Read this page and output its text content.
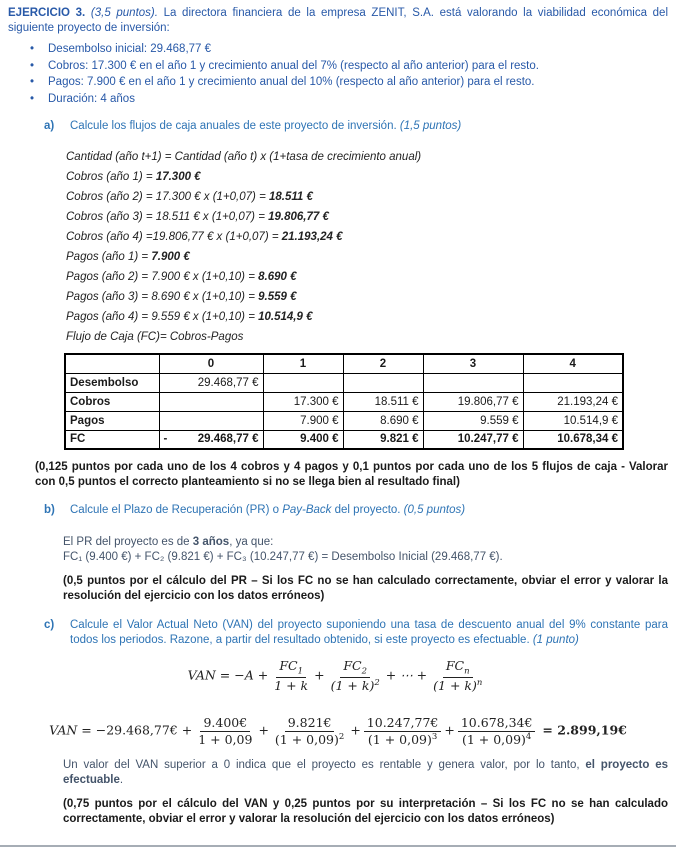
EJERCICIO 3. (3,5 puntos). La directora financiera de la empresa ZENIT, S.A. está valorando la viabilidad económica del siguiente proyecto de inversión:

• Desembolso inicial: 29.468,77 €
• Cobros: 17.300 € en el año 1 y crecimiento anual del 7% (respecto al año anterior) para el resto.
• Pagos: 7.900 € en el año 1 y crecimiento anual del 10% (respecto al año anterior) para el resto.
• Duración: 4 años
a)	Calcule los flujos de caja anuales de este proyecto de inversión. (1,5 puntos)
Cantidad (año t+1) = Cantidad (año t) x (1+tasa de crecimiento anual)
Cobros (año 1) = 17.300 €
Cobros (año 2) = 17.300 € x (1+0,07) = 18.511 €
Cobros (año 3) = 18.511 € x (1+0,07) = 19.806,77 €
Cobros (año 4) =19.806,77 € x (1+0,07) = 21.193,24 €
Pagos (año 1) = 7.900 €
Pagos (año 2) = 7.900 € x (1+0,10) = 8.690 €
Pagos (año 3) = 8.690 € x (1+0,10) = 9.559 €
Pagos (año 4) = 9.559 € x (1+0,10) = 10.514,9 €
Flujo de Caja (FC)= Cobros-Pagos
	0	1	2	3	4
Desembolso	29.468,77 €				
Cobros		17.300 €	18.511 €	19.806,77 €	21.193,24 €
Pagos		7.900 €	8.690 €	9.559 €	10.514,9 €
FC	- 29.468,77 €	9.400 €	9.821 €	10.247,77 €	10.678,34 €

(0,125 puntos por cada uno de los 4 cobros y 4 pagos y 0,1 puntos por cada uno de los 5 flujos de caja - Valorar con 0,5 puntos el correcto planteamiento si no se llega bien al resultado final)

b)	Calcule el Plazo de Recuperación (PR) o Pay-Back del proyecto. (0,5 puntos)
El PR del proyecto es de 3 años, ya que:
FC₁ (9.400 €) + FC₂ (9.821 €) + FC₃ (10.247,77 €) = Desembolso Inicial (29.468,77 €).

(0,5 puntos por el cálculo del PR – Si los FC no se han calculado correctamente, obviar el error y valorar la resolución del ejercicio con los datos erróneos)

c)	Calcule el Valor Actual Neto (VAN) del proyecto suponiendo una tasa de descuento anual del 9% constante para todos los periodos. Razone, a partir del resultado obtenido, si este proyecto es efectuable. (1 punto)
VAN = $-A + \frac{FC_1}{1 + k} + \frac{FC_2}{(1 + k)^2}$ + ⋯ + $\frac{FC_n}{(1 + k)^n}$
VAN = −29.468,77€ + $\frac{9.400€}{1 + 0,09} + \frac{9.821€}{(1 + 0,09)^2} + \frac{10.247,77€}{(1 + 0,09)^3} + \frac{10.678,34€}{(1 + 0,09)^4}$ = 2.899,19€

Un valor del VAN superior a 0 indica que el proyecto es rentable y genera valor, por lo tanto, el proyecto es efectuable.

(0,75 puntos por el cálculo del VAN y 0,25 puntos por su interpretación – Si los FC no se han calculado correctamente, obviar el error y valorar la resolución del ejercicio con los datos erróneos)
